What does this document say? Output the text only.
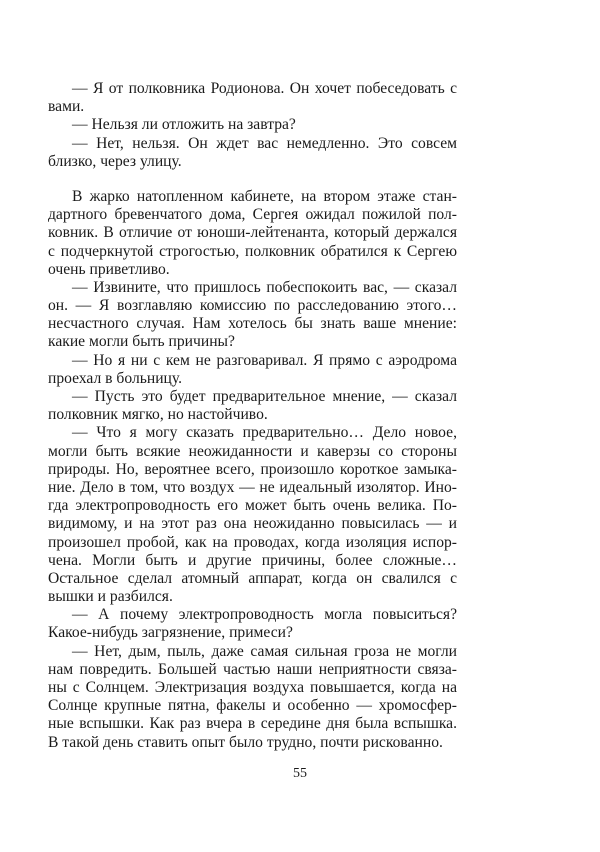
— Я от полковника Родионова. Он хочет побеседовать с
вами.
— Нельзя ли отложить на завтра?
— Нет, нельзя. Он ждет вас немедленно. Это совсем
близко, через улицу.
В жарко натопленном кабинете, на втором этаже стан-
дартного бревенчатого дома, Сергея ожидал пожилой пол-
ковник. В отличие от юноши-лейтенанта, который держался
с подчеркнутой строгостью, полковник обратился к Сергею
очень приветливо.
— Извините, что пришлось побеспокоить вас, — сказал
он. — Я возглавляю комиссию по расследованию этого…
несчастного случая. Нам хотелось бы знать ваше мнение:
какие могли быть причины?
— Но я ни с кем не разговаривал. Я прямо с аэродрома
проехал в больницу.
— Пусть это будет предварительное мнение, — сказал
полковник мягко, но настойчиво.
— Что я могу сказать предварительно… Дело новое,
могли быть всякие неожиданности и каверзы со стороны
природы. Но, вероятнее всего, произошло короткое замыка-
ние. Дело в том, что воздух — не идеальный изолятор. Ино-
гда электропроводность его может быть очень велика. По-
видимому, и на этот раз она неожиданно повысилась — и
произошел пробой, как на проводах, когда изоляция испор-
чена. Могли быть и другие причины, более сложные…
Остальное сделал атомный аппарат, когда он свалился с
вышки и разбился.
— А почему электропроводность могла повыситься?
Какое-нибудь загрязнение, примеси?
— Нет, дым, пыль, даже самая сильная гроза не могли
нам повредить. Большей частью наши неприятности связа-
ны с Солнцем. Электризация воздуха повышается, когда на
Солнце крупные пятна, факелы и особенно — хромосфер-
ные вспышки. Как раз вчера в середине дня была вспышка.
В такой день ставить опыт было трудно, почти рискованно.
55
